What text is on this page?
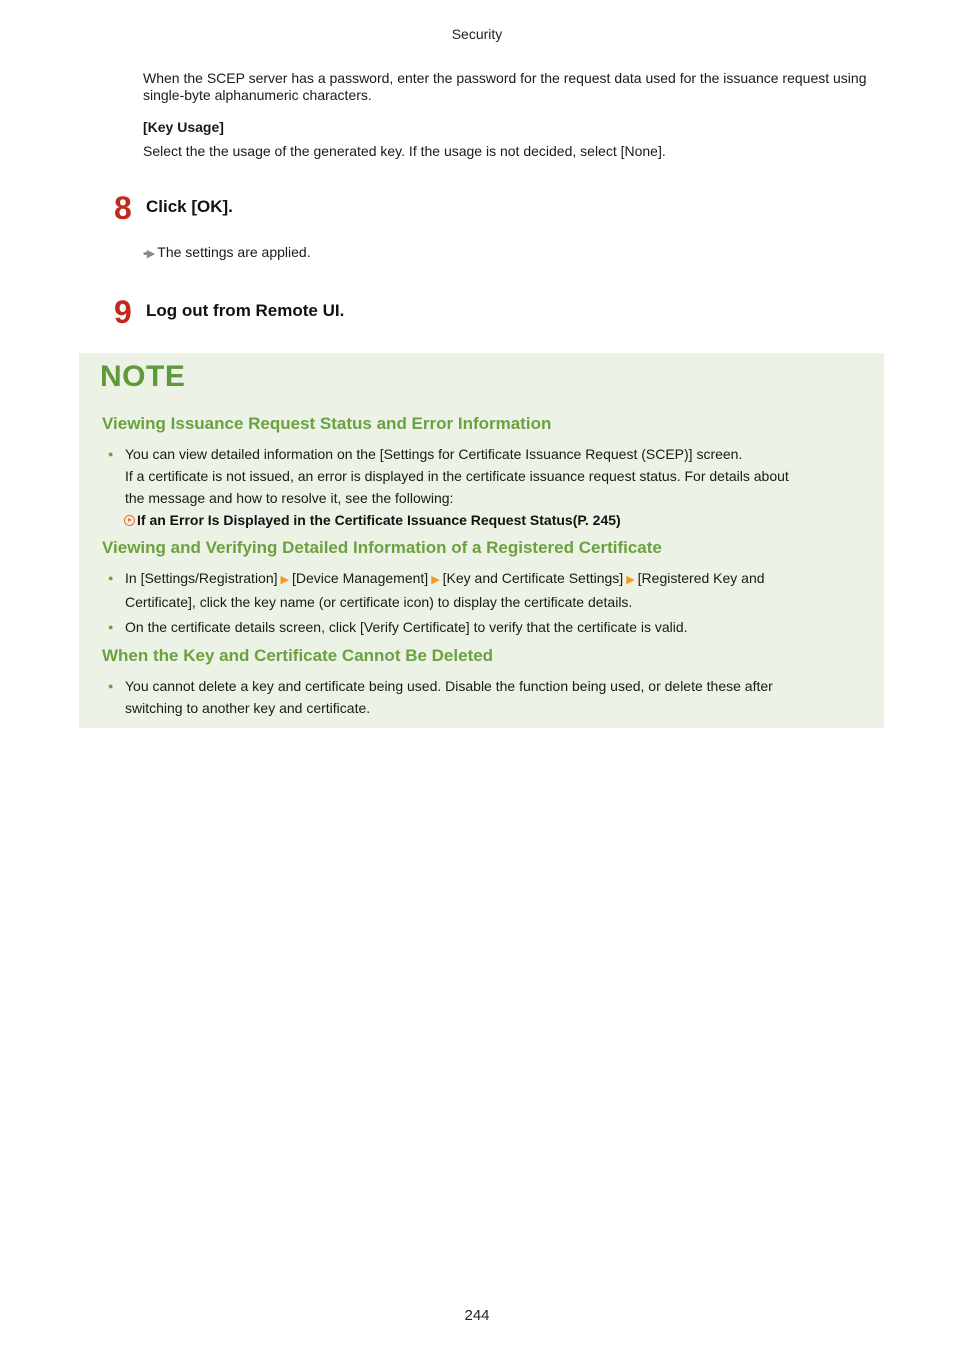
Security
When the SCEP server has a password, enter the password for the request data used for the issuance request using single-byte alphanumeric characters.
[Key Usage]
Select the the usage of the generated key. If the usage is not decided, select [None].
8 Click [OK].
▪▪▶ The settings are applied.
9 Log out from Remote UI.
NOTE
Viewing Issuance Request Status and Error Information
● You can view detailed information on the [Settings for Certificate Issuance Request (SCEP)] screen.
If a certificate is not issued, an error is displayed in the certificate issuance request status. For details about
the message and how to resolve it, see the following:
If an Error Is Displayed in the Certificate Issuance Request Status(P. 245)
Viewing and Verifying Detailed Information of a Registered Certificate
● In [Settings/Registration] ▶ [Device Management] ▶ [Key and Certificate Settings] ▶ [Registered Key and
Certificate], click the key name (or certificate icon) to display the certificate details.
● On the certificate details screen, click [Verify Certificate] to verify that the certificate is valid.
When the Key and Certificate Cannot Be Deleted
● You cannot delete a key and certificate being used. Disable the function being used, or delete these after
switching to another key and certificate.
244
